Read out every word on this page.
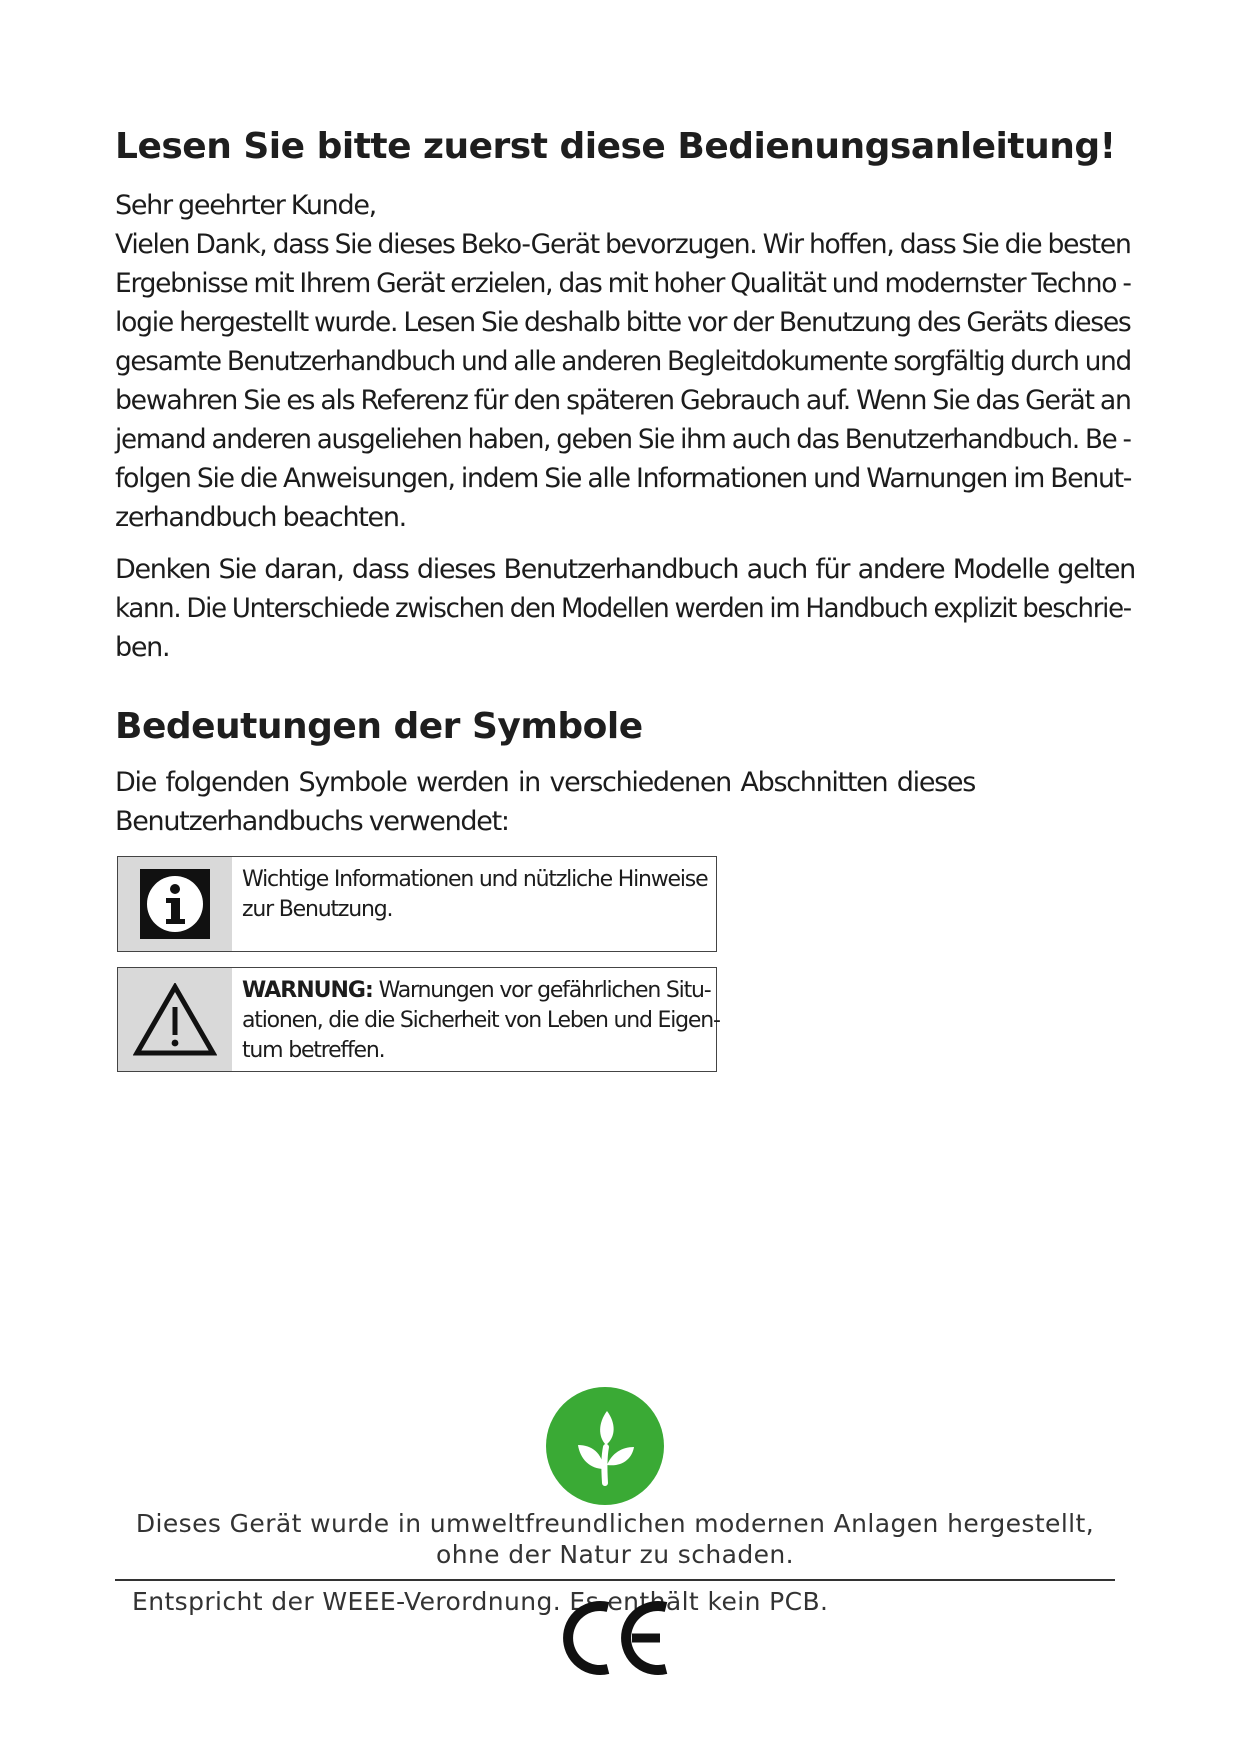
Lesen Sie bitte zuerst diese Bedienungsanleitung!

Sehr geehrter Kunde,
Vielen Dank, dass Sie dieses Beko-Gerät bevorzugen. Wir hoffen, dass Sie die besten
Ergebnisse mit Ihrem Gerät erzielen, das mit hoher Qualität und modernster Techno -
logie hergestellt wurde. Lesen Sie deshalb bitte vor der Benutzung des Geräts dieses
gesamte Benutzerhandbuch und alle anderen Begleitdokumente sorgfältig durch und
bewahren Sie es als Referenz für den späteren Gebrauch auf. Wenn Sie das Gerät an
jemand anderen ausgeliehen haben, geben Sie ihm auch das Benutzerhandbuch. Be -
folgen Sie die Anweisungen, indem Sie alle Informationen und Warnungen im Benut-
zerhandbuch beachten.

Denken Sie daran, dass dieses Benutzerhandbuch auch für andere Modelle gelten
kann. Die Unterschiede zwischen den Modellen werden im Handbuch explizit beschrie-
ben.

Bedeutungen der Symbole

Die folgenden Symbole werden in verschiedenen Abschnitten dieses
Benutzerhandbuchs verwendet:

Wichtige Informationen und nützliche Hinweise
zur Benutzung.
WARNUNG: Warnungen vor gefährlichen Situ-
ationen, die die Sicherheit von Leben und Eigen-
tum betreffen.

Dieses Gerät wurde in umweltfreundlichen modernen Anlagen hergestellt,
ohne der Natur zu schaden.

Entspricht der WEEE-Verordnung. Es enthält kein PCB.
